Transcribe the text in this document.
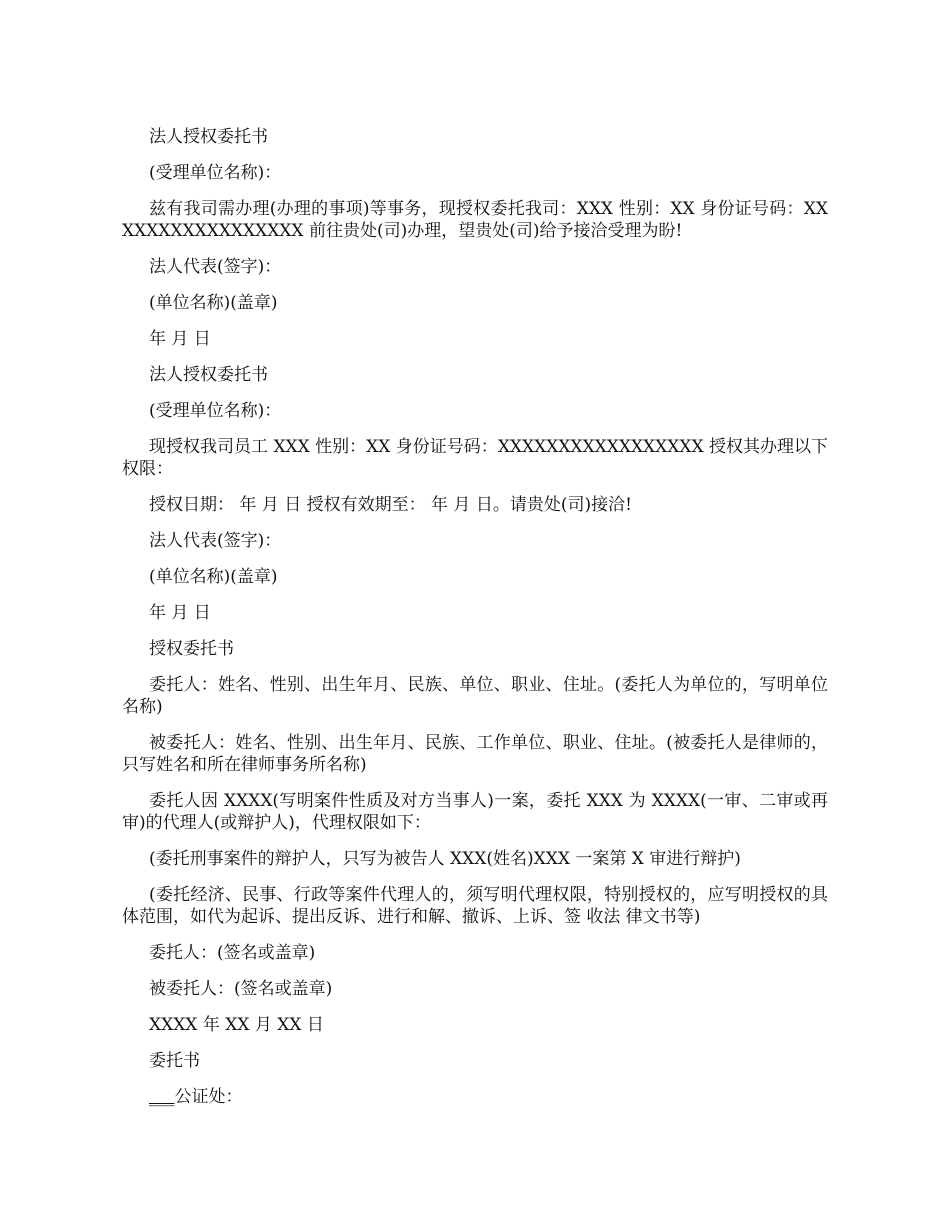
法人授权委托书

(受理单位名称)：

兹有我司需办理(办理的事项)等事务，现授权委托我司：XXX 性别：XX 身份证号码：XXXXXXXXXXXXXXXXX 前往贵处(司)办理，望贵处(司)给予接洽受理为盼!

法人代表(签字)：

(单位名称)(盖章)

年 月 日

法人授权委托书

(受理单位名称)：

现授权我司员工 XXX 性别：XX 身份证号码：XXXXXXXXXXXXXXXXX 授权其办理以下权限：

授权日期： 年 月 日 授权有效期至： 年 月 日。请贵处(司)接洽!

法人代表(签字)：

(单位名称)(盖章)

年 月 日

授权委托书

委托人：姓名、性别、出生年月、民族、单位、职业、住址。(委托人为单位的，写明单位名称)

被委托人：姓名、性别、出生年月、民族、工作单位、职业、住址。(被委托人是律师的，只写姓名和所在律师事务所名称)

委托人因 XXXX(写明案件性质及对方当事人)一案，委托 XXX 为 XXXX(一审、二审或再审)的代理人(或辩护人)，代理权限如下：

(委托刑事案件的辩护人，只写为被告人 XXX(姓名)XXX 一案第 X 审进行辩护)

(委托经济、民事、行政等案件代理人的，须写明代理权限，特别授权的，应写明授权的具体范围，如代为起诉、提出反诉、进行和解、撤诉、上诉、签 收法 律文书等)

委托人：(签名或盖章)

被委托人：(签名或盖章)

XXXX 年 XX 月 XX 日

委托书

___公证处：
